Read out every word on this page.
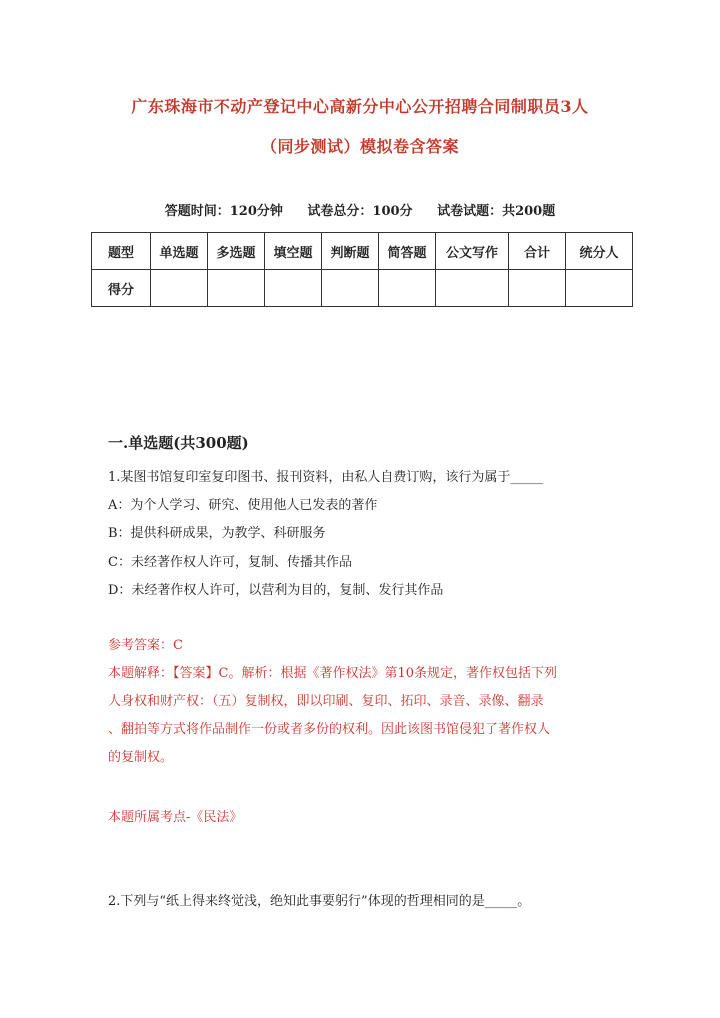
广东珠海市不动产登记中心高新分中心公开招聘合同制职员3人
（同步测试）模拟卷含答案
答题时间：120分钟 试卷总分：100分 试卷试题：共200题
题型	单选题	多选题	填空题	判断题	简答题	公文写作	合计	统分人
得分								
一.单选题(共300题)
1.某图书馆复印室复印图书、报刊资料，由私人自费订购，该行为属于_____
A：为个人学习、研究、使用他人已发表的著作
B：提供科研成果，为教学、科研服务
C：未经著作权人许可，复制、传播其作品
D：未经著作权人许可，以营利为目的，复制、发行其作品
参考答案：C
本题解释：【答案】C。解析：根据《著作权法》第10条规定，著作权包括下列
人身权和财产权：（五）复制权，即以印刷、复印、拓印、录音、录像、翻录
、翻拍等方式将作品制作一份或者多份的权利。因此该图书馆侵犯了著作权人
的复制权。
本题所属考点-《民法》
2.下列与“纸上得来终觉浅，绝知此事要躬行”体现的哲理相同的是_____。
